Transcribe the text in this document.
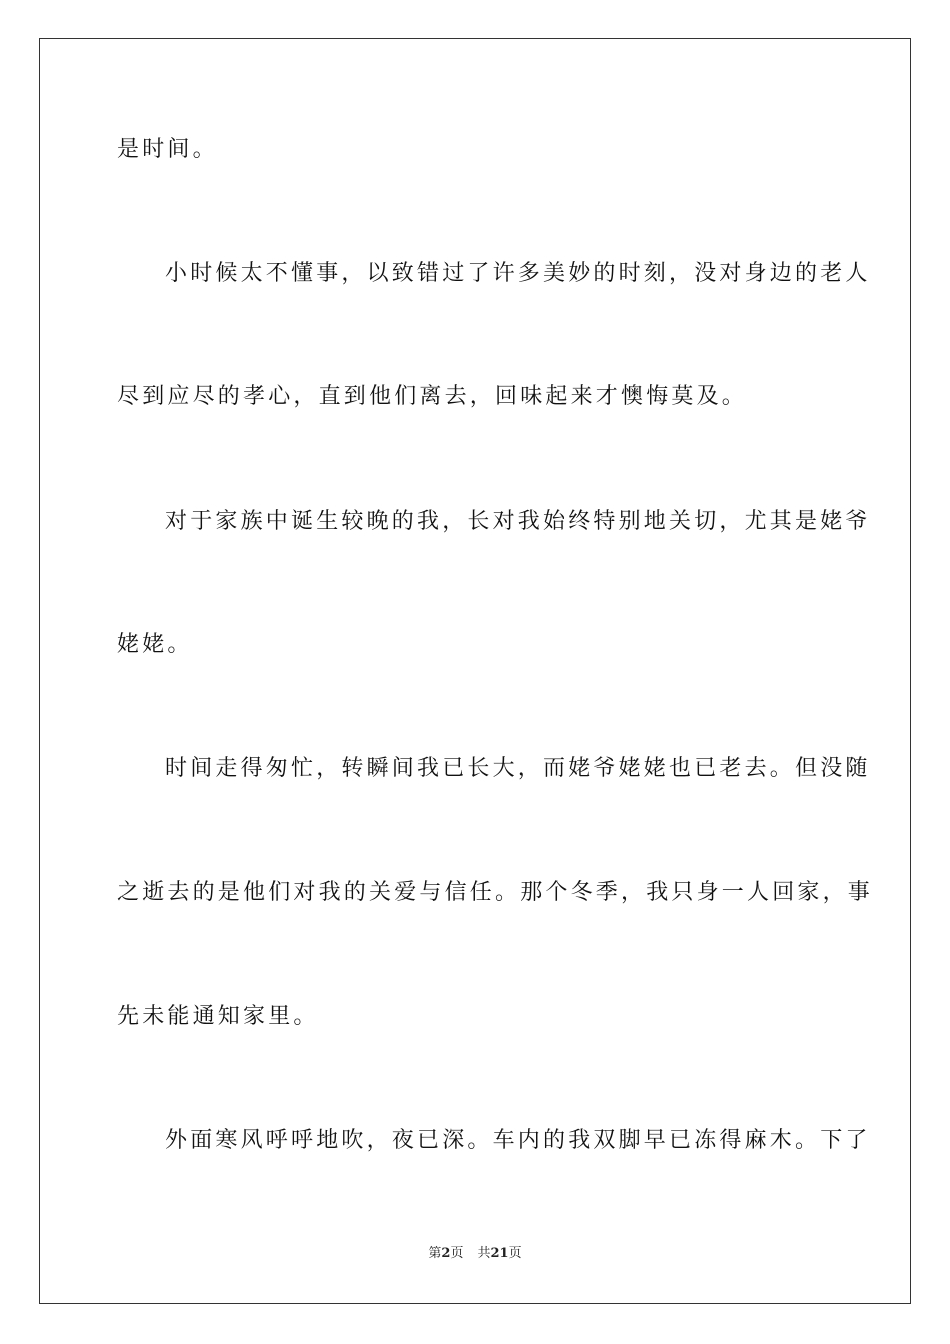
是时间。
小时候太不懂事，以致错过了许多美妙的时刻，没对身边的老人
尽到应尽的孝心，直到他们离去，回味起来才懊悔莫及。
对于家族中诞生较晚的我，长对我始终特别地关切，尤其是姥爷
姥姥。
时间走得匆忙，转瞬间我已长大，而姥爷姥姥也已老去。但没随
之逝去的是他们对我的关爱与信任。那个冬季，我只身一人回家，事
先未能通知家里。
外面寒风呼呼地吹，夜已深。车内的我双脚早已冻得麻木。下了
第2页 共21页
